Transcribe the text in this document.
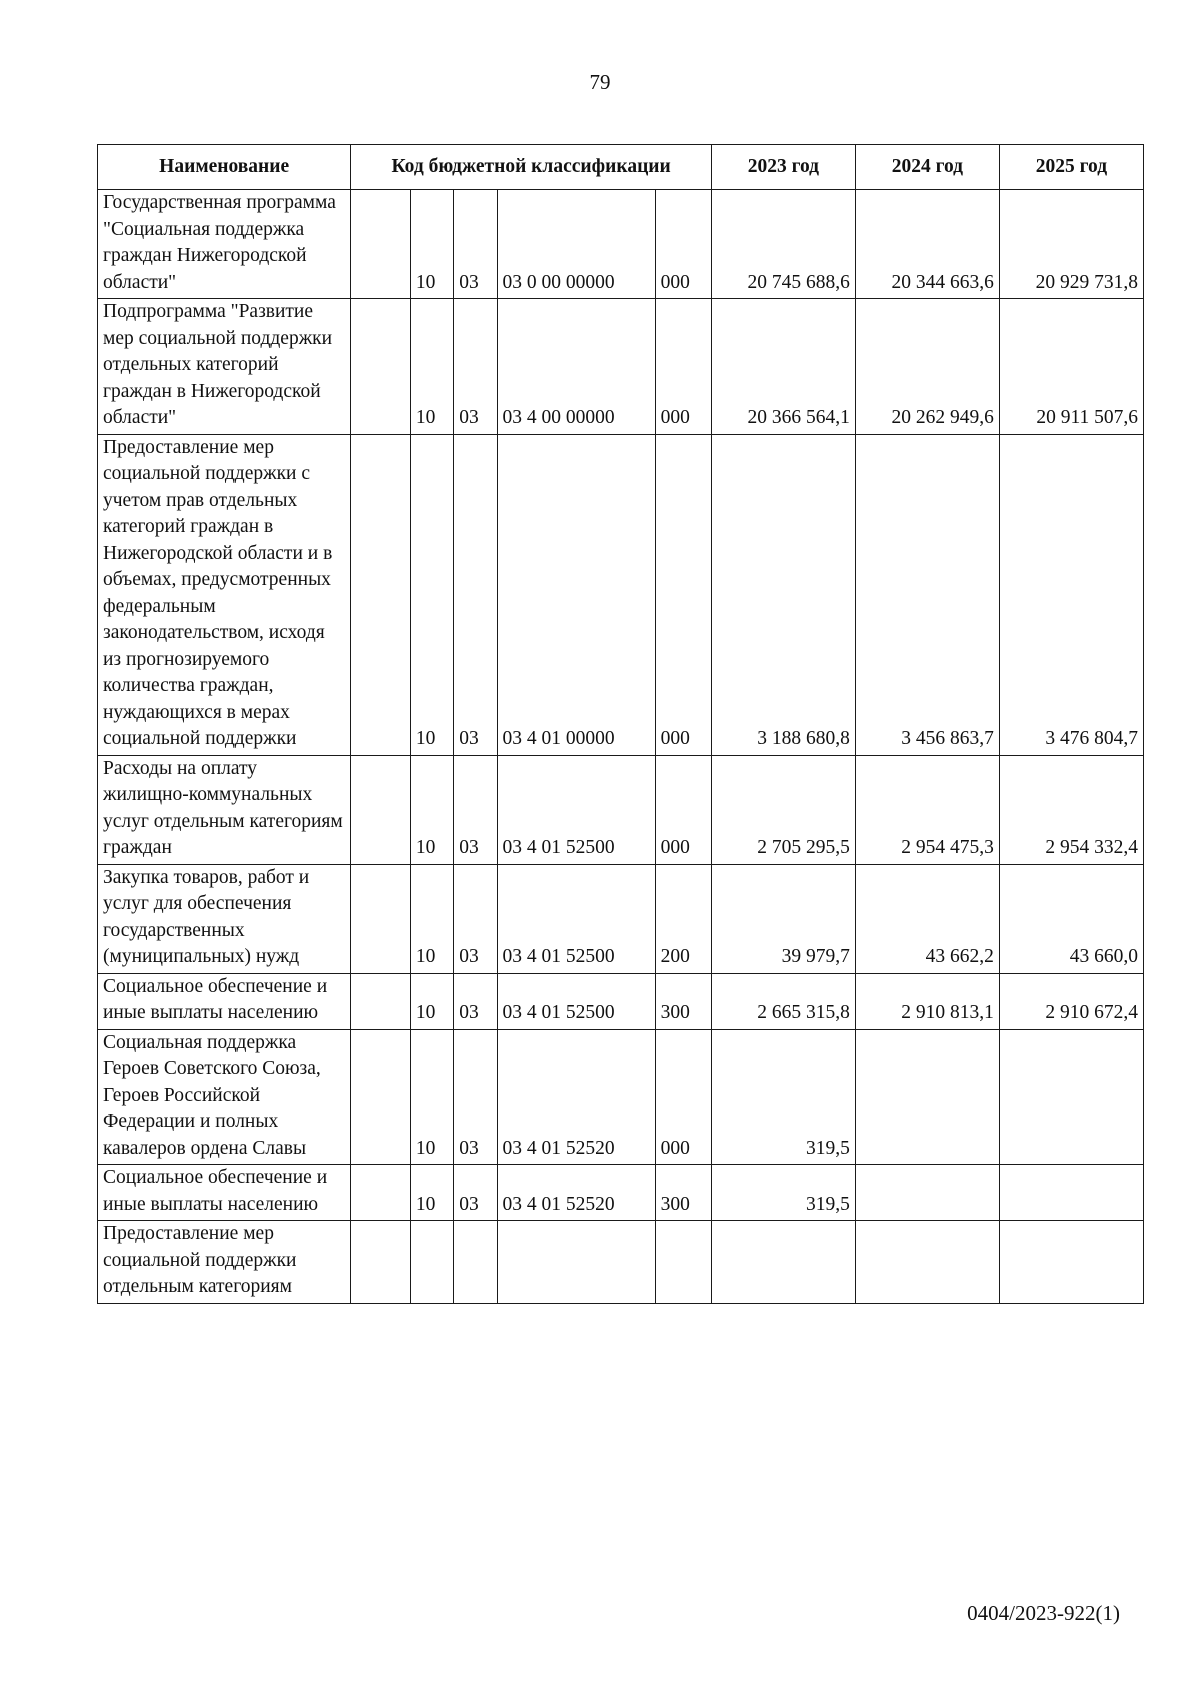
79
Наименование	Код бюджетной классификации					2023 год	2024 год	2025 год
Государственная программа "Социальная поддержка граждан Нижегородской области"		10	03	03 0 00 00000	000	20 745 688,6	20 344 663,6	20 929 731,8
Подпрограмма "Развитие мер социальной поддержки отдельных категорий граждан в Нижегородской области"		10	03	03 4 00 00000	000	20 366 564,1	20 262 949,6	20 911 507,6
Предоставление мер социальной поддержки с учетом прав отдельных категорий граждан в Нижегородской области и в объемах, предусмотренных федеральным законодательством, исходя из прогнозируемого количества граждан, нуждающихся в мерах социальной поддержки		10	03	03 4 01 00000	000	3 188 680,8	3 456 863,7	3 476 804,7
Расходы на оплату жилищно-коммунальных услуг отдельным категориям граждан		10	03	03 4 01 52500	000	2 705 295,5	2 954 475,3	2 954 332,4
Закупка товаров, работ и услуг для обеспечения государственных (муниципальных) нужд		10	03	03 4 01 52500	200	39 979,7	43 662,2	43 660,0
Социальное обеспечение и иные выплаты населению		10	03	03 4 01 52500	300	2 665 315,8	2 910 813,1	2 910 672,4
Социальная поддержка Героев Советского Союза, Героев Российской Федерации и полных кавалеров ордена Славы		10	03	03 4 01 52520	000	319,5		
Социальное обеспечение и иные выплаты населению		10	03	03 4 01 52520	300	319,5		
Предоставление мер социальной поддержки отдельным категориям								
0404/2023-922(1)
